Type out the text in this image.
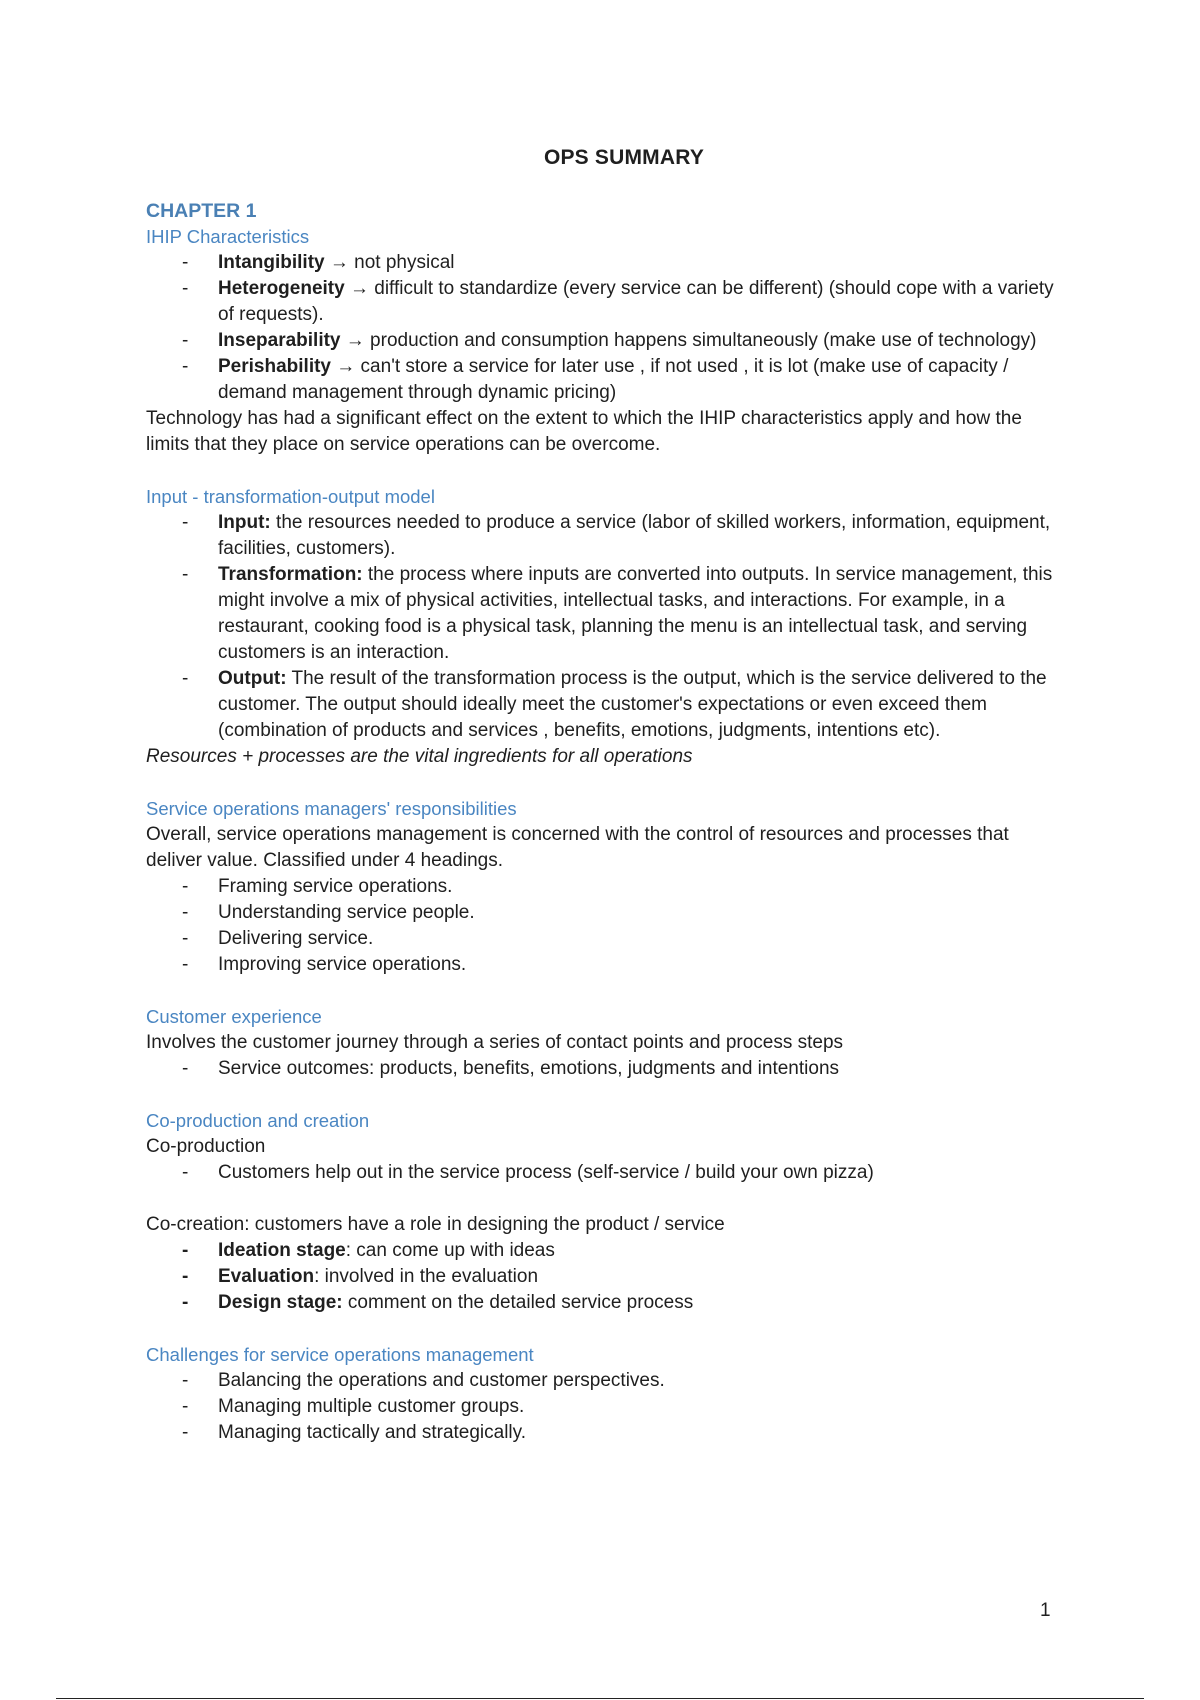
OPS SUMMARY
CHAPTER 1
IHIP Characteristics
- Intangibility → not physical
- Heterogeneity → difficult to standardize (every service can be different) (should cope with a variety of requests).
- Inseparability → production and consumption happens simultaneously (make use of technology)
- Perishability → can't store a service for later use , if not used , it is lot (make use of capacity / demand management through dynamic pricing)
Technology has had a significant effect on the extent to which the IHIP characteristics apply and how the limits that they place on service operations can be overcome.
Input - transformation-output model
- Input: the resources needed to produce a service (labor of skilled workers, information, equipment, facilities, customers).
- Transformation: the process where inputs are converted into outputs. In service management, this might involve a mix of physical activities, intellectual tasks, and interactions. For example, in a restaurant, cooking food is a physical task, planning the menu is an intellectual task, and serving customers is an interaction.
- Output: The result of the transformation process is the output, which is the service delivered to the customer. The output should ideally meet the customer's expectations or even exceed them (combination of products and services , benefits, emotions, judgments, intentions etc).
Resources + processes are the vital ingredients for all operations
Service operations managers' responsibilities
Overall, service operations management is concerned with the control of resources and processes that deliver value. Classified under 4 headings.
- Framing service operations.
- Understanding service people.
- Delivering service.
- Improving service operations.
Customer experience
Involves the customer journey through a series of contact points and process steps
- Service outcomes: products, benefits, emotions, judgments and intentions
Co-production and creation
Co-production
- Customers help out in the service process (self-service / build your own pizza)
Co-creation: customers have a role in designing the product / service
- Ideation stage: can come up with ideas
- Evaluation: involved in the evaluation
- Design stage: comment on the detailed service process
Challenges for service operations management
- Balancing the operations and customer perspectives.
- Managing multiple customer groups.
- Managing tactically and strategically.
1
